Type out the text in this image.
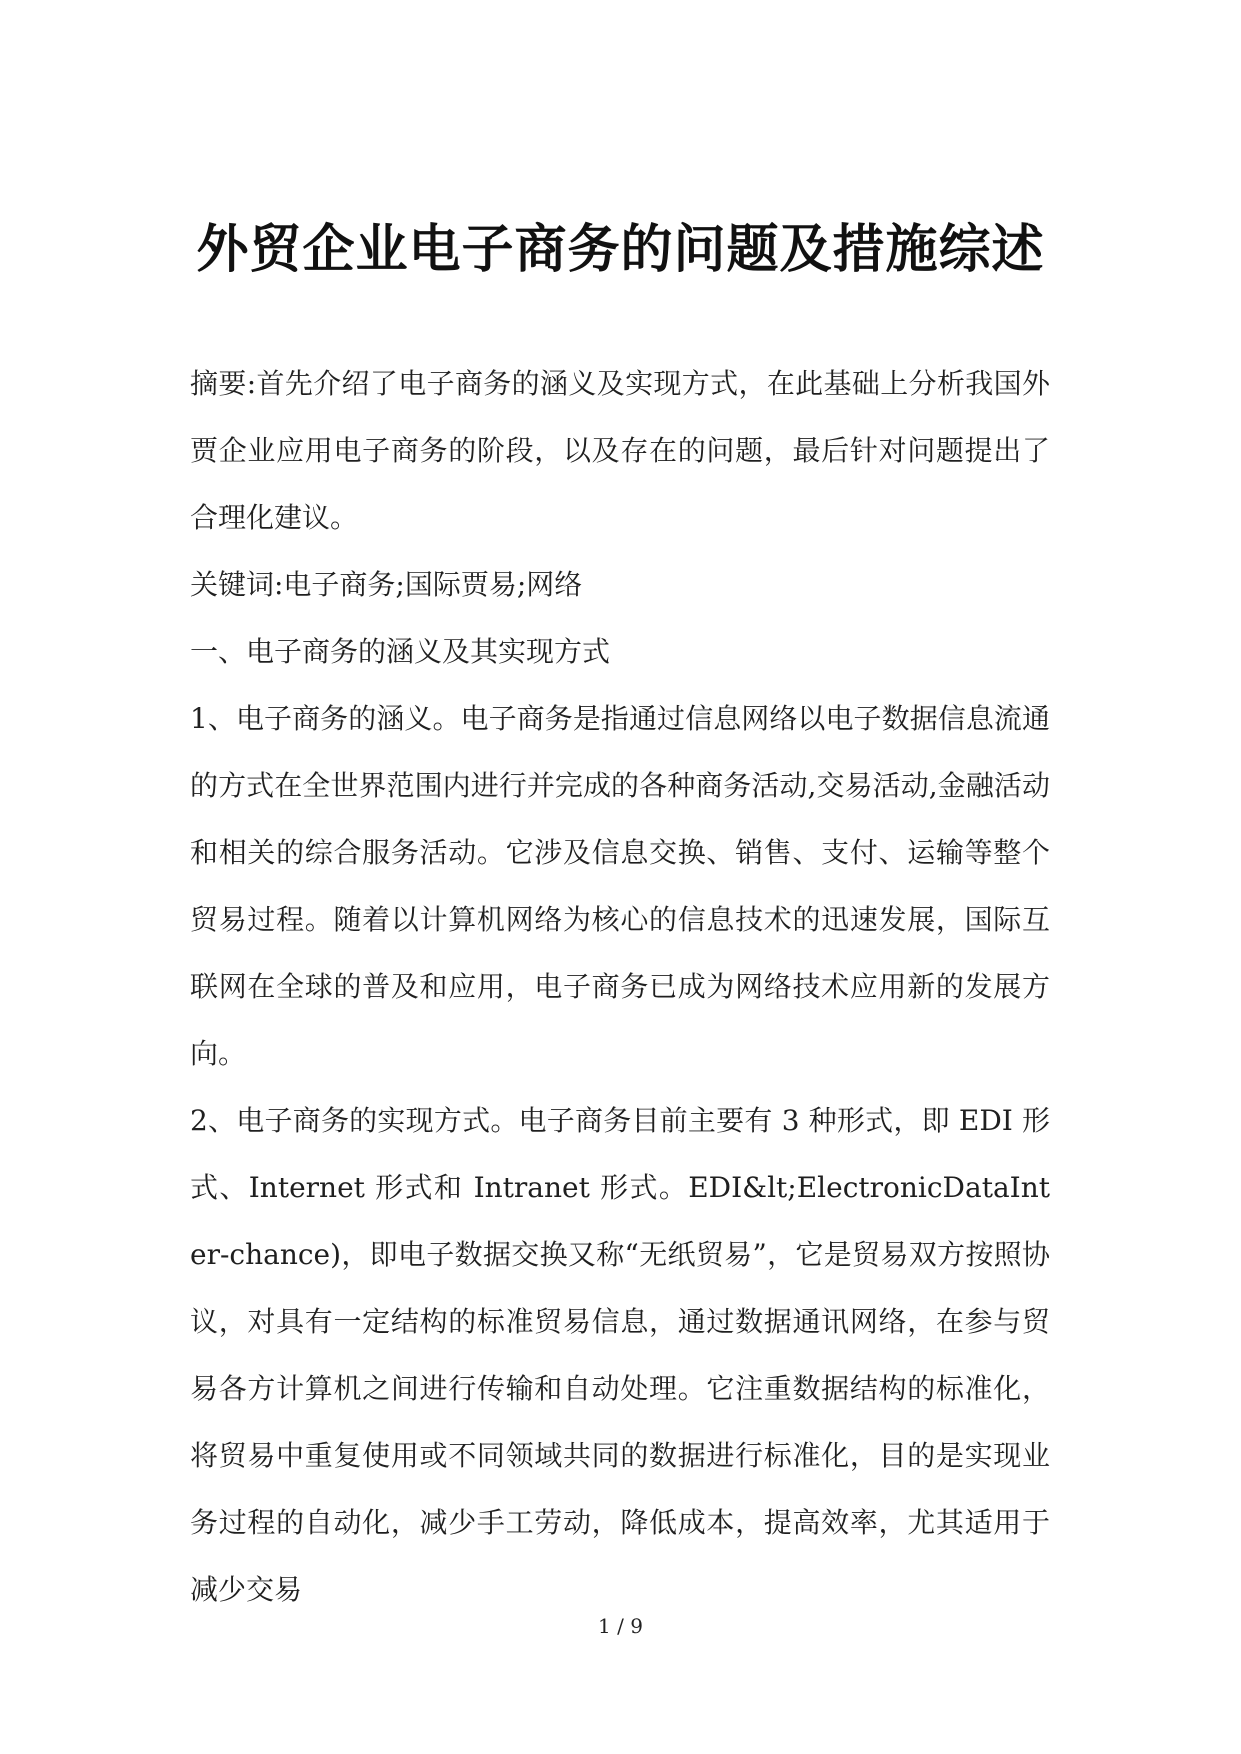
外贸企业电子商务的问题及措施综述

摘要:首先介绍了电子商务的涵义及实现方式，在此基础上分析我国外贾企业应用电子商务的阶段，以及存在的问题，最后针对问题提出了合理化建议。

关键词:电子商务;国际贾易;网络

一、电子商务的涵义及其实现方式

1、电子商务的涵义。电子商务是指通过信息网络以电子数据信息流通的方式在全世界范围内进行并完成的各种商务活动,交易活动,金融活动和相关的综合服务活动。它涉及信息交换、销售、支付、运输等整个贸易过程。随着以计算机网络为核心的信息技术的迅速发展，国际互联网在全球的普及和应用，电子商务已成为网络技术应用新的发展方向。

2、电子商务的实现方式。电子商务目前主要有 3 种形式，即 EDI 形式、Internet 形式和 Intranet 形式。EDI&lt;ElectronicDataInter-chance)，即电子数据交换又称“无纸贸易”，它是贸易双方按照协议，对具有一定结构的标准贸易信息，通过数据通讯网络，在参与贸易各方计算机之间进行传输和自动处理。它注重数据结构的标准化，将贸易中重复使用或不同领域共同的数据进行标准化，目的是实现业务过程的自动化，减少手工劳动，降低成本，提高效率，尤其适用于减少交易

1 / 9
